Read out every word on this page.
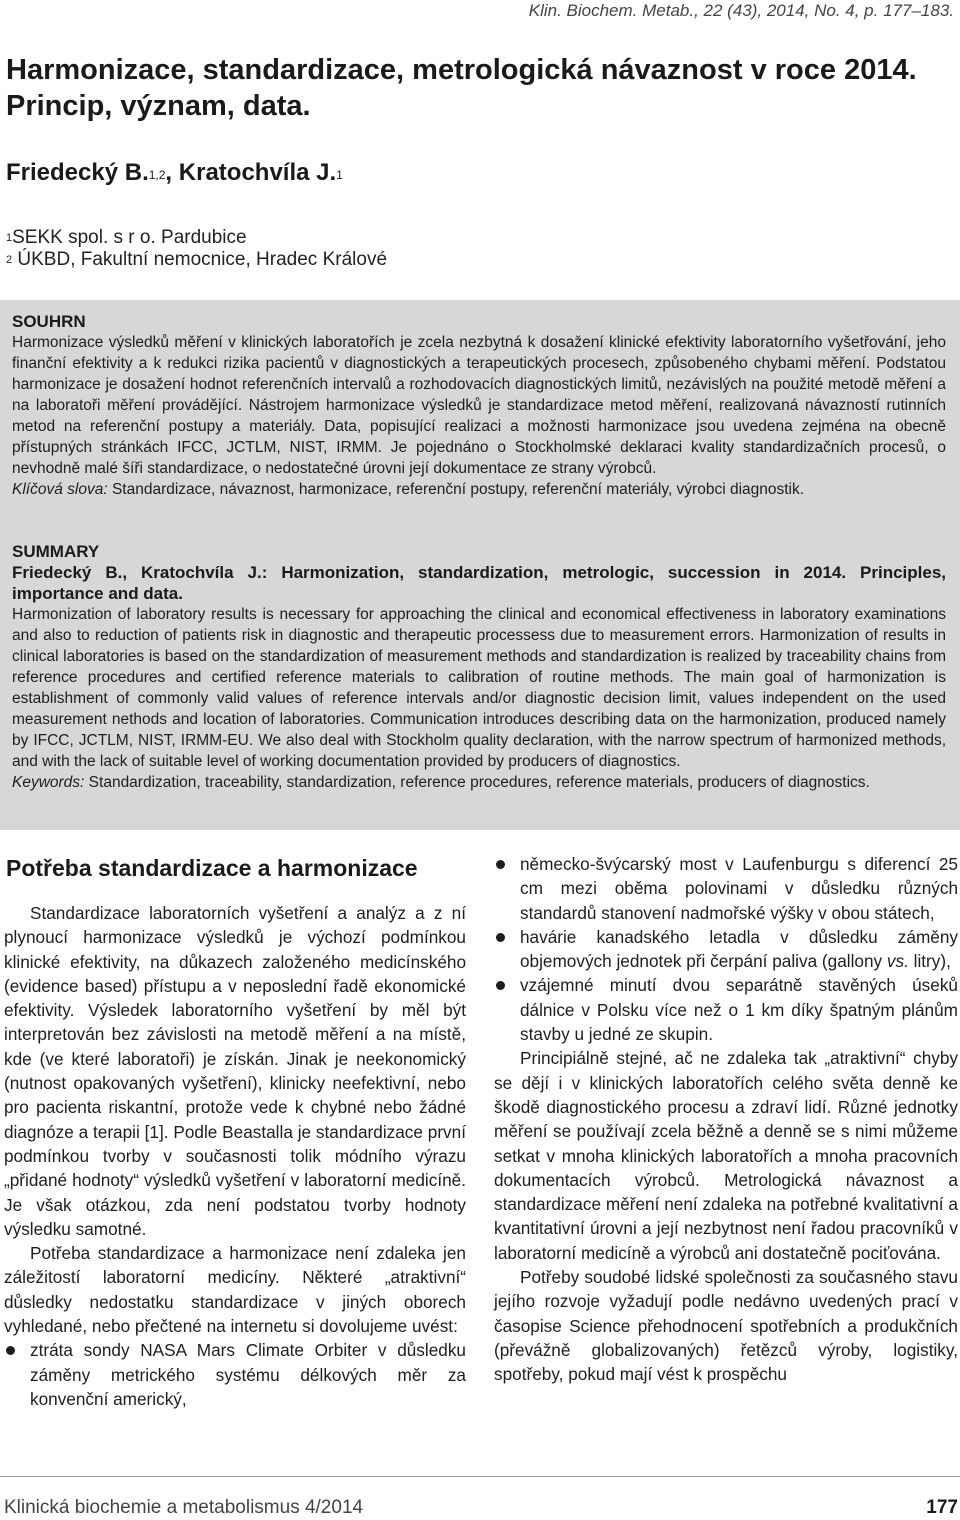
Klin. Biochem. Metab., 22 (43), 2014, No. 4, p. 177–183.
Harmonizace, standardizace, metrologická návaznost v roce 2014. Princip, význam, data.
Friedecký B.$^{1,2}$, Kratochvíla J.$^1$
$^1$SEKK spol. s r o. Pardubice
$^2$ ÚKBD, Fakultní nemocnice, Hradec Králové
SOUHRN

Harmonizace výsledků měření v klinických laboratořích je zcela nezbytná k dosažení klinické efektivity laboratorního vyšetřování, jeho finanční efektivity a k redukci rizika pacientů v diagnostických a terapeutických procesech, způsobeného chybami měření. Podstatou harmonizace je dosažení hodnot referenčních intervalů a rozhodovacích diagnostických limitů, nezávislých na použité metodě měření a na laboratoři měření provádějící. Nástrojem harmonizace výsledků je standardizace metod měření, realizovaná návazností rutinních metod na referenční postupy a materiály. Data, popisující realizaci a možnosti harmonizace jsou uvedena zejména na obecně přístupných stránkách IFCC, JCTLM, NIST, IRMM. Je pojednáno o Stockholmské deklaraci kvality standardizačních procesů, o nevhodně malé šíři standardizace, o nedostatečné úrovni její dokumentace ze strany výrobců.

Klíčová slova: Standardizace, návaznost, harmonizace, referenční postupy, referenční materiály, výrobci diagnostik.

SUMMARY
Friedecký B., Kratochvíla J.: Harmonization, standardization, metrologic, succession in 2014. Principles, importance and data.

Harmonization of laboratory results is necessary for approaching the clinical and economical effectiveness in laboratory examinations and also to reduction of patients risk in diagnostic and therapeutic processess due to measurement errors. Harmonization of results in clinical laboratories is based on the standardization of measurement methods and standardization is realized by traceability chains from reference procedures and certified reference materials to calibration of routine methods. The main goal of harmonization is establishment of commonly valid values of reference intervals and/or diagnostic decision limit, values independent on the used measurement nethods and location of laboratories. Communication introduces describing data on the harmonization, produced namely by IFCC, JCTLM, NIST, IRMM-EU. We also deal with Stockholm quality declaration, with the narrow spectrum of harmonized methods, and with the lack of suitable level of working documentation provided by producers of diagnostics.

Keywords: Standardization, traceability, standardization, reference procedures, reference materials, producers of diagnostics.

Potřeba standardizace a harmonizace

Standardizace laboratorních vyšetření a analýz a z ní plynoucí harmonizace výsledků je výchozí podmínkou klinické efektivity, na důkazech založeného medicínského (evidence based) přístupu a v neposlední řadě ekonomické efektivity. Výsledek laboratorního vyšetření by měl být interpretován bez závislosti na metodě měření a na místě, kde (ve které laboratoři) je získán. Jinak je neekonomický (nutnost opakovaných vyšetření), klinicky neefektivní, nebo pro pacienta riskantní, protože vede k chybné nebo žádné diagnóze a terapii [1]. Podle Beastalla je standardizace první podmínkou tvorby v současnosti tolik módního výrazu „přidané hodnoty“ výsledků vyšetření v laboratorní medicíně. Je však otázkou, zda není podstatou tvorby hodnoty výsledku samotné.

Potřeba standardizace a harmonizace není zdaleka jen záležitostí laboratorní medicíny. Některé „atraktivní“ důsledky nedostatku standardizace v jiných oborech vyhledané, nebo přečtené na internetu si dovolujeme uvést:

ztráta sondy NASA Mars Climate Orbiter v důsledku záměny metrického systému délkových měr za konvenční americký,
německo-švýcarský most v Laufenburgu s diferencí 25 cm mezi oběma polovinami v důsledku různých standardů stanovení nadmořské výšky v obou státech,
havárie kanadského letadla v důsledku záměny objemových jednotek při čerpání paliva (gallony vs. litry),
vzájemné minutí dvou separátně stavěných úseků dálnice v Polsku více než o 1 km díky špatným plánům stavby u jedné ze skupin.

Principiálně stejné, ač ne zdaleka tak „atraktivní“ chyby se dějí i v klinických laboratořích celého světa denně ke škodě diagnostického procesu a zdraví lidí. Různé jednotky měření se používají zcela běžně a denně se s nimi můžeme setkat v mnoha klinických laboratořích a mnoha pracovních dokumentacích výrobců. Metrologická návaznost a standardizace měření není zdaleka na potřebné kvalitativní a kvantitativní úrovni a její nezbytnost není řadou pracovníků v laboratorní medicíně a výrobců ani dostatečně pociťována.

Potřeby soudobé lidské společnosti za současného stavu jejího rozvoje vyžadují podle nedávno uvedených prací v časopise Science přehodnocení spotřebních a produkčních (převážně globalizovaných) řetězců výroby, logistiky, spotřeby, pokud mají vést k prospěchu

Klinická biochemie a metabolismus 4/2014	177
